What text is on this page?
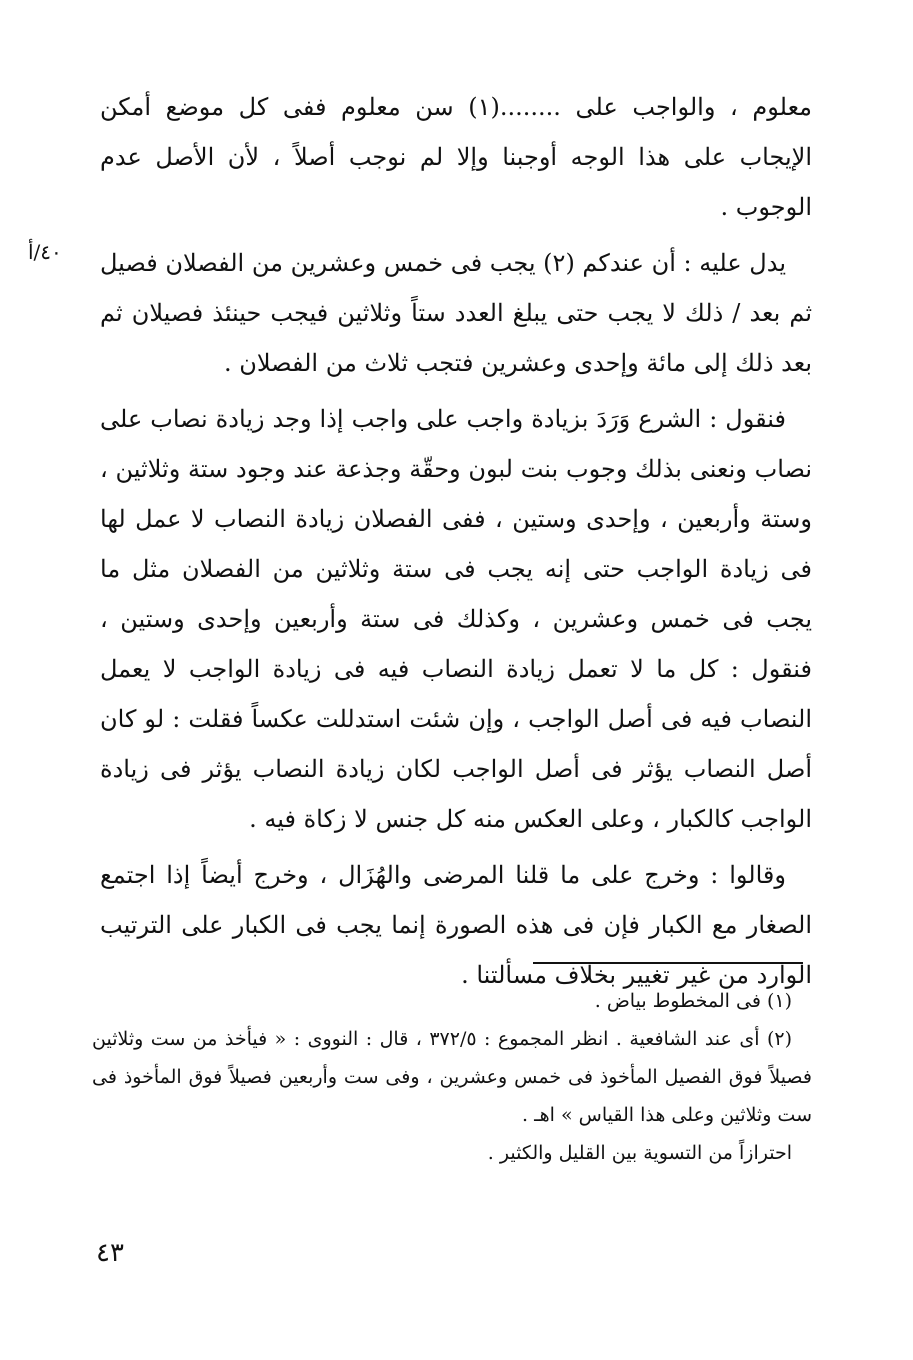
٤٠/أ

معلوم ، والواجب على ........(١) سن معلوم ففى كل موضع أمكن الإيجاب على هذا الوجه أوجبنا وإلا لم نوجب أصلاً ، لأن الأصل عدم الوجوب .

يدل عليه : أن عندكم (٢) يجب فى خمس وعشرين من الفصلان فصيل ثم بعد / ذلك لا يجب حتى يبلغ العدد ستاً وثلاثين فيجب حينئذ فصيلان ثم بعد ذلك إلى مائة وإحدى وعشرين فتجب ثلاث من الفصلان .

فنقول : الشرع وَرَدَ بزيادة واجب على واجب إذا وجد زيادة نصاب على نصاب ونعنى بذلك وجوب بنت لبون وحقّة وجذعة عند وجود ستة وثلاثين ، وستة وأربعين ، وإحدى وستين ، ففى الفصلان زيادة النصاب لا عمل لها فى زيادة الواجب حتى إنه يجب فى ستة وثلاثين من الفصلان مثل ما يجب فى خمس وعشرين ، وكذلك فى ستة وأربعين وإحدى وستين ، فنقول : كل ما لا تعمل زيادة النصاب فيه فى زيادة الواجب لا يعمل النصاب فيه فى أصل الواجب ، وإن شئت استدللت عكساً فقلت : لو كان أصل النصاب يؤثر فى أصل الواجب لكان زيادة النصاب يؤثر فى زيادة الواجب كالكبار ، وعلى العكس منه كل جنس لا زكاة فيه .

وقالوا : وخرج على ما قلنا المرضى والهُزَال ، وخرج أيضاً إذا اجتمع الصغار مع الكبار فإن فى هذه الصورة إنما يجب فى الكبار على الترتيب الوارد من غير تغيير بخلاف مسألتنا .

(١) فى المخطوط بياض .

(٢) أى عند الشافعية . انظر المجموع : ٣٧٢/٥ ، قال : النووى : « فيأخذ من ست وثلاثين فصيلاً فوق الفصيل المأخوذ فى خمس وعشرين ، وفى ست وأربعين فصيلاً فوق المأخوذ فى ست وثلاثين وعلى هذا القياس » اهـ .

احترازاً من التسوية بين القليل والكثير .

٤٣
